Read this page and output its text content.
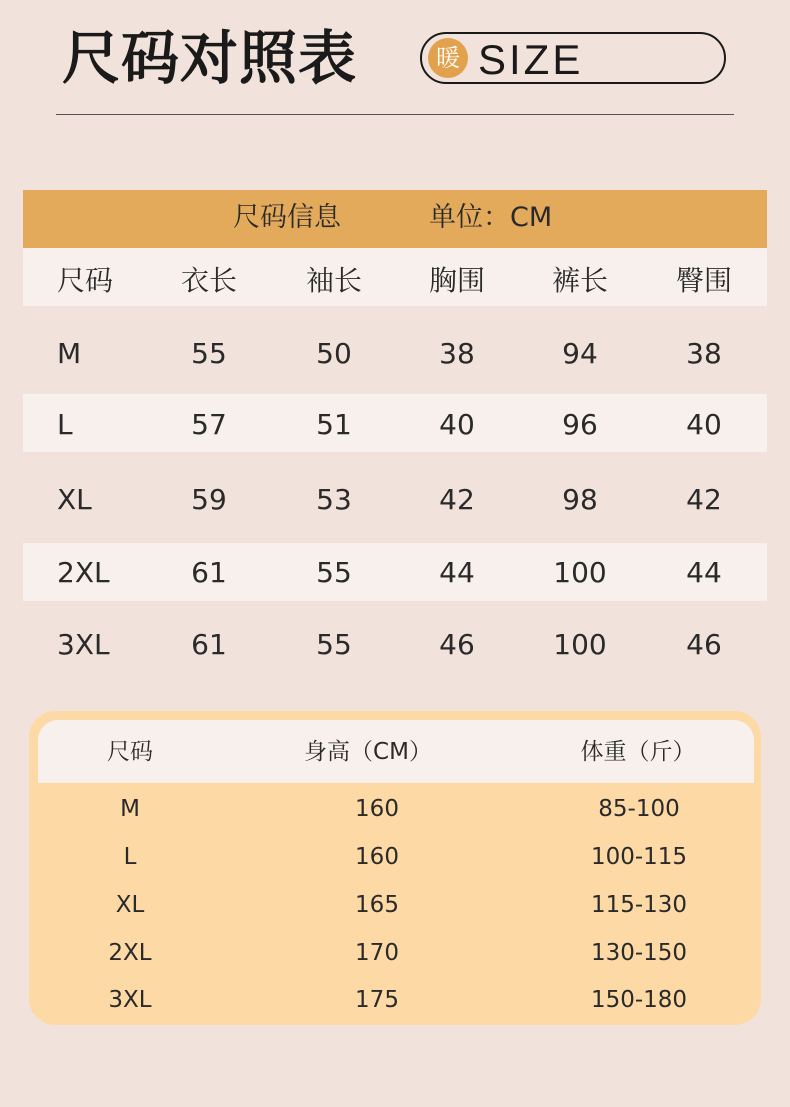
尺码对照表	暖 SIZE
尺码信息	单位：CM
尺码	衣长	袖长	胸围	裤长	臀围
M	55	50	38	94	38
L	57	51	40	96	40
XL	59	53	42	98	42
2XL	61	55	44	100	44
3XL	61	55	46	100	46
尺码	身高（CM）	体重（斤）
M	160	85-100
L	160	100-115
XL	165	115-130
2XL	170	130-150
3XL	175	150-180
